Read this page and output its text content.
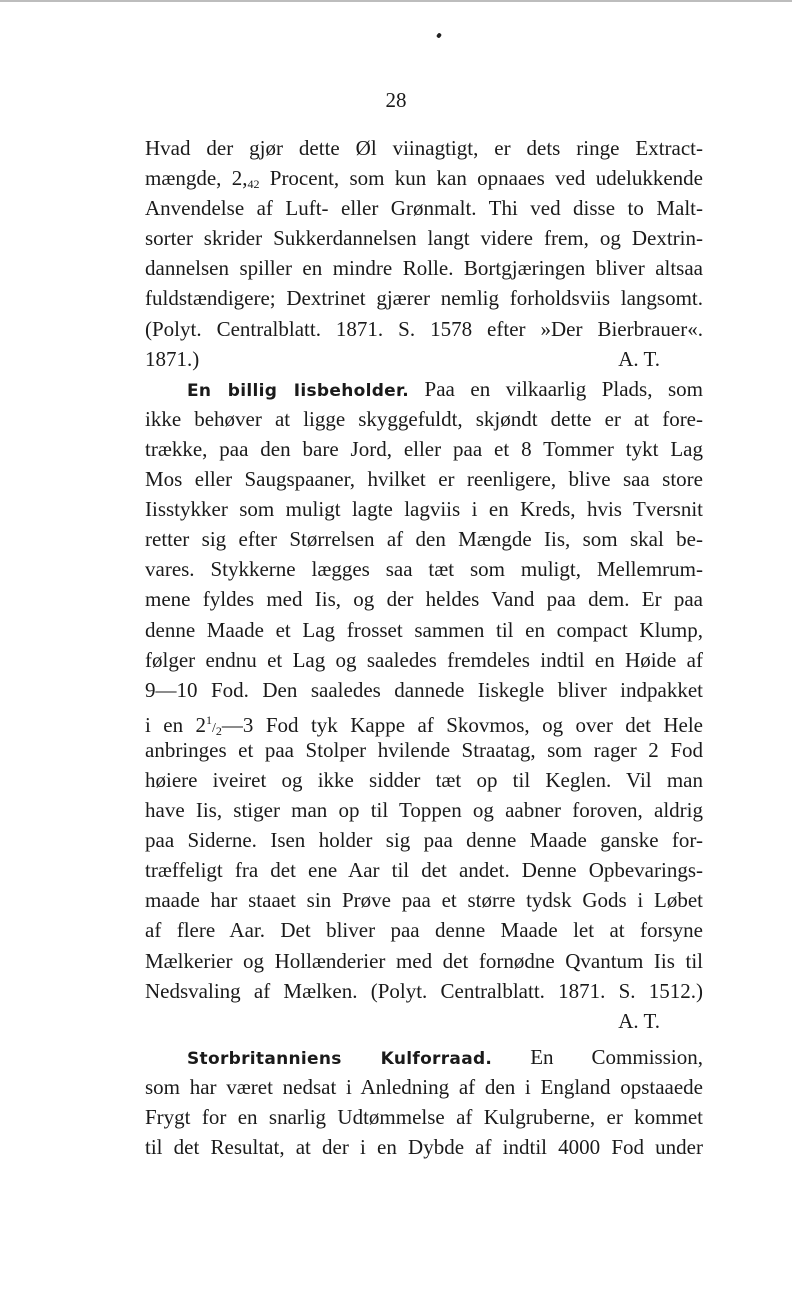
28
Hvad der gjør dette Øl viinagtigt, er dets ringe Extract-
mængde, $2,_{42}$ Procent, som kun kan opnaaes ved udelukkende
Anvendelse af Luft- eller Grønmalt. Thi ved disse to Malt-
sorter skrider Sukkerdannelsen langt videre frem, og Dextrin-
dannelsen spiller en mindre Rolle. Bortgjæringen bliver altsaa
fuldstændigere; Dextrinet gjærer nemlig forholdsviis langsomt.
(Polyt. Centralblatt. 1871. S. 1578 efter »Der Bierbrauer«.
1871.)	A. T.
En billig Iisbeholder. Paa en vilkaarlig Plads, som
ikke behøver at ligge skyggefuldt, skjøndt dette er at fore-
trække, paa den bare Jord, eller paa et 8 Tommer tykt Lag
Mos eller Saugspaaner, hvilket er reenligere, blive saa store
Iisstykker som muligt lagte lagviis i en Kreds, hvis Tversnit
retter sig efter Størrelsen af den Mængde Iis, som skal be-
vares. Stykkerne lægges saa tæt som muligt, Mellemrum-
mene fyldes med Iis, og der heldes Vand paa dem. Er paa
denne Maade et Lag frosset sammen til en compact Klump,
følger endnu et Lag og saaledes fremdeles indtil en Høide af
9—10 Fod. Den saaledes dannede Iiskegle bliver indpakket
i en $2^1/_2—3$ Fod tyk Kappe af Skovmos, og over det Hele
anbringes et paa Stolper hvilende Straatag, som rager 2 Fod
høiere iveiret og ikke sidder tæt op til Keglen. Vil man
have Iis, stiger man op til Toppen og aabner foroven, aldrig
paa Siderne. Isen holder sig paa denne Maade ganske for-
træffeligt fra det ene Aar til det andet. Denne Opbevarings-
maade har staaet sin Prøve paa et større tydsk Gods i Løbet
af flere Aar. Det bliver paa denne Maade let at forsyne
Mælkerier og Hollænderier med det fornødne Qvantum Iis til
Nedsvaling af Mælken. (Polyt. Centralblatt. 1871. S. 1512.)
A. T.
Storbritanniens Kulforraad. En Commission,
som har været nedsat i Anledning af den i England opstaaede
Frygt for en snarlig Udtømmelse af Kulgruberne, er kommet
til det Resultat, at der i en Dybde af indtil 4000 Fod under
